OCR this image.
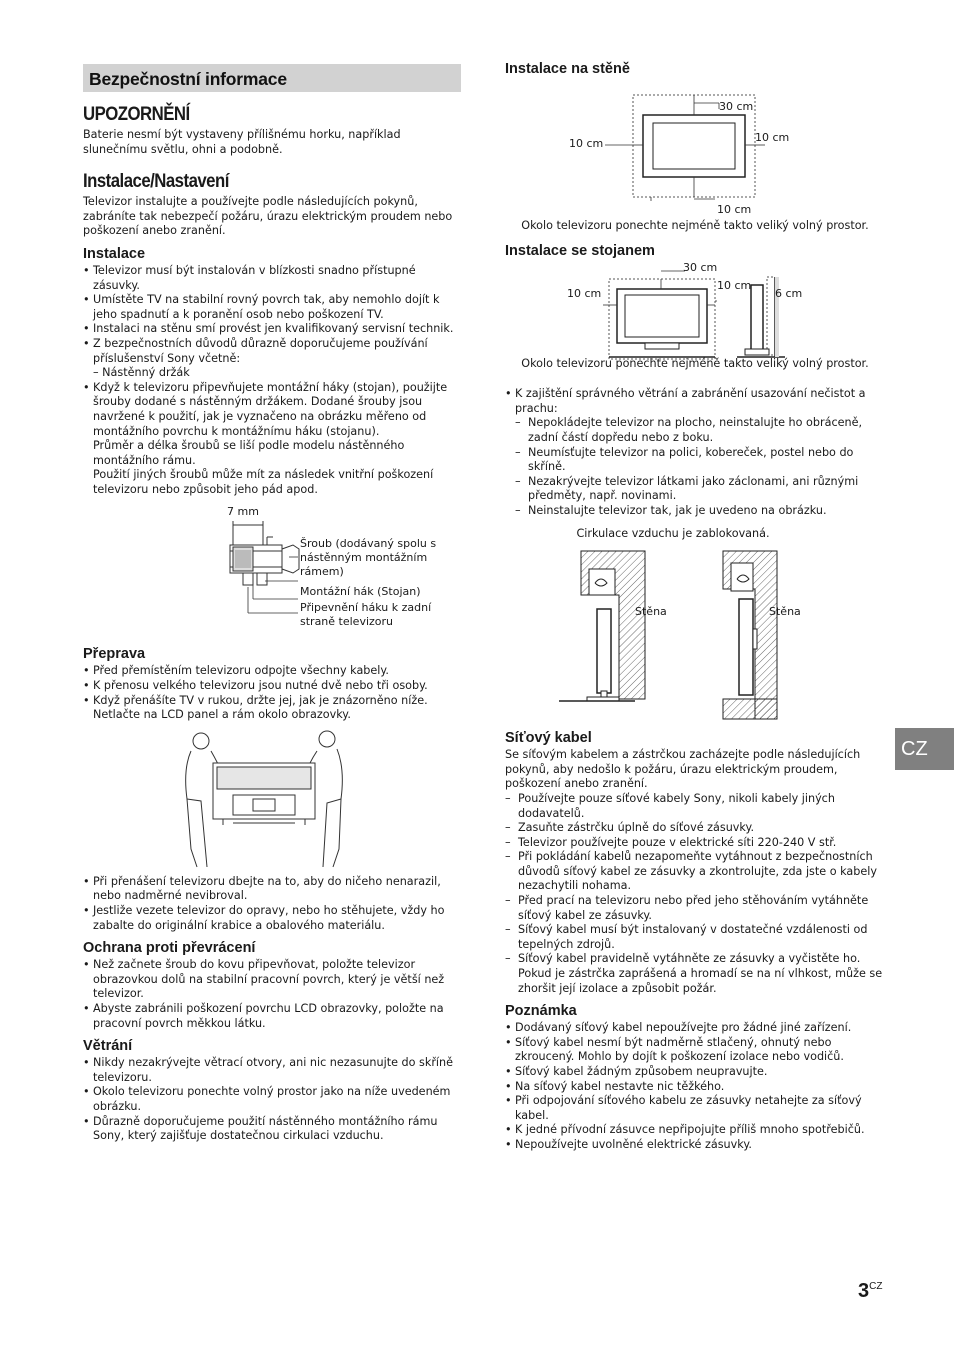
Bezpečnostní informace
UPOZORNĚNÍ

Baterie nesmí být vystaveny přílišnému horku, například slunečnímu světlu, ohni a podobně.

Instalace/Nastavení

Televizor instalujte a používejte podle následujících pokynů, zabráníte tak nebezpečí požáru, úrazu elektrickým proudem nebo poškození anebo zranění.

Instalace
• Televizor musí být instalován v blízkosti snadno přístupné zásuvky.
• Umístěte TV na stabilní rovný povrch tak, aby nemohlo dojít k jeho spadnutí a k poranění osob nebo poškození TV.
• Instalaci na stěnu smí provést jen kvalifikovaný servisní technik.
• Z bezpečnostních důvodů důrazně doporučujeme používání příslušenství Sony včetně:
– Nástěnný držák
• Když k televizoru připevňujete montážní háky (stojan), použijte šrouby dodané s nástěnným držákem. Dodané šrouby jsou navržené k použití, jak je vyznačeno na obrázku měřeno od montážního povrchu k montážnímu háku (stojanu).
Průměr a délka šroubů se liší podle modelu nástěnného montážního rámu.
Použití jiných šroubů může mít za následek vnitřní poškození televizoru nebo způsobit jeho pád apod.
7 mm
Šroub (dodávaný spolu s nástěnným montážním rámem)
Montážní hák (Stojan)
Připevnění háku k zadní straně televizoru
Přeprava
• Před přemístěním televizoru odpojte všechny kabely.
• K přenosu velkého televizoru jsou nutné dvě nebo tři osoby.
• Když přenášíte TV v rukou, držte jej, jak je znázorněno níže. Netlačte na LCD panel a rám okolo obrazovky.
• Při přenášení televizoru dbejte na to, aby do ničeho nenarazil, nebo nadměrné nevibroval.
• Jestliže vezete televizor do opravy, nebo ho stěhujete, vždy ho zabalte do originální krabice a obalového materiálu.
Ochrana proti převrácení
• Než začnete šroub do kovu připevňovat, položte televizor obrazovkou dolů na stabilní pracovní povrch, který je větší než televizor.
• Abyste zabránili poškození povrchu LCD obrazovky, položte na pracovní povrch měkkou látku.
Větrání
• Nikdy nezakrývejte větrací otvory, ani nic nezasunujte do skříně televizoru.
• Okolo televizoru ponechte volný prostor jako na níže uvedeném obrázku.
• Důrazně doporučujeme použití nástěnného montážního rámu Sony, který zajišťuje dostatečnou cirkulaci vzduchu.
Instalace na stěně
30 cm
10 cm	10 cm
10 cm

Okolo televizoru ponechte nejméně takto veliký volný prostor.

Instalace se stojanem
30 cm
10 cm
10 cm
6 cm

Okolo televizoru ponechte nejméně takto veliký volný prostor.

• K zajištění správného větrání a zabránění usazování nečistot a prachu:
– Nepokládejte televizor na plocho, neinstalujte ho obráceně, zadní částí dopředu nebo z boku.
– Neumísťujte televizor na polici, kobereček, postel nebo do skříně.
– Nezakrývejte televizor látkami jako záclonami, ani různými předměty, např. novinami.
– Neinstalujte televizor tak, jak je uvedeno na obrázku.

Cirkulace vzduchu je zablokovaná.

Stěna	Stěna
Síťový kabel

Se síťovým kabelem a zástrčkou zacházejte podle následujících pokynů, aby nedošlo k požáru, úrazu elektrickým proudem, poškození anebo zranění.

– Používejte pouze síťové kabely Sony, nikoli kabely jiných dodavatelů.
– Zasuňte zástrčku úplně do síťové zásuvky.
– Televizor používejte pouze v elektrické síti 220-240 V stř.
– Při pokládání kabelů nezapomeňte vytáhnout z bezpečnostních důvodů síťový kabel ze zásuvky a zkontrolujte, zda jste o kabely nezachytili nohama.
– Před prací na televizoru nebo před jeho stěhováním vytáhněte síťový kabel ze zásuvky.
– Síťový kabel musí být instalovaný v dostatečné vzdálenosti od tepelných zdrojů.
– Síťový kabel pravidelně vytáhněte ze zásuvky a vyčistěte ho. Pokud je zástrčka zaprášená a hromadí se na ní vlhkost, může se zhoršit její izolace a způsobit požár.
Poznámka
• Dodávaný síťový kabel nepoužívejte pro žádné jiné zařízení.
• Síťový kabel nesmí být nadměrně stlačený, ohnutý nebo zkroucený. Mohlo by dojít k poškození izolace nebo vodičů.
• Síťový kabel žádným způsobem neupravujte.
• Na síťový kabel nestavte nic těžkého.
• Při odpojování síťového kabelu ze zásuvky netahejte za síťový kabel.
• K jedné přívodní zásuvce nepřipojujte příliš mnoho spotřebičů.
• Nepoužívejte uvolněné elektrické zásuvky.
CZ
$3^{CZ}$
